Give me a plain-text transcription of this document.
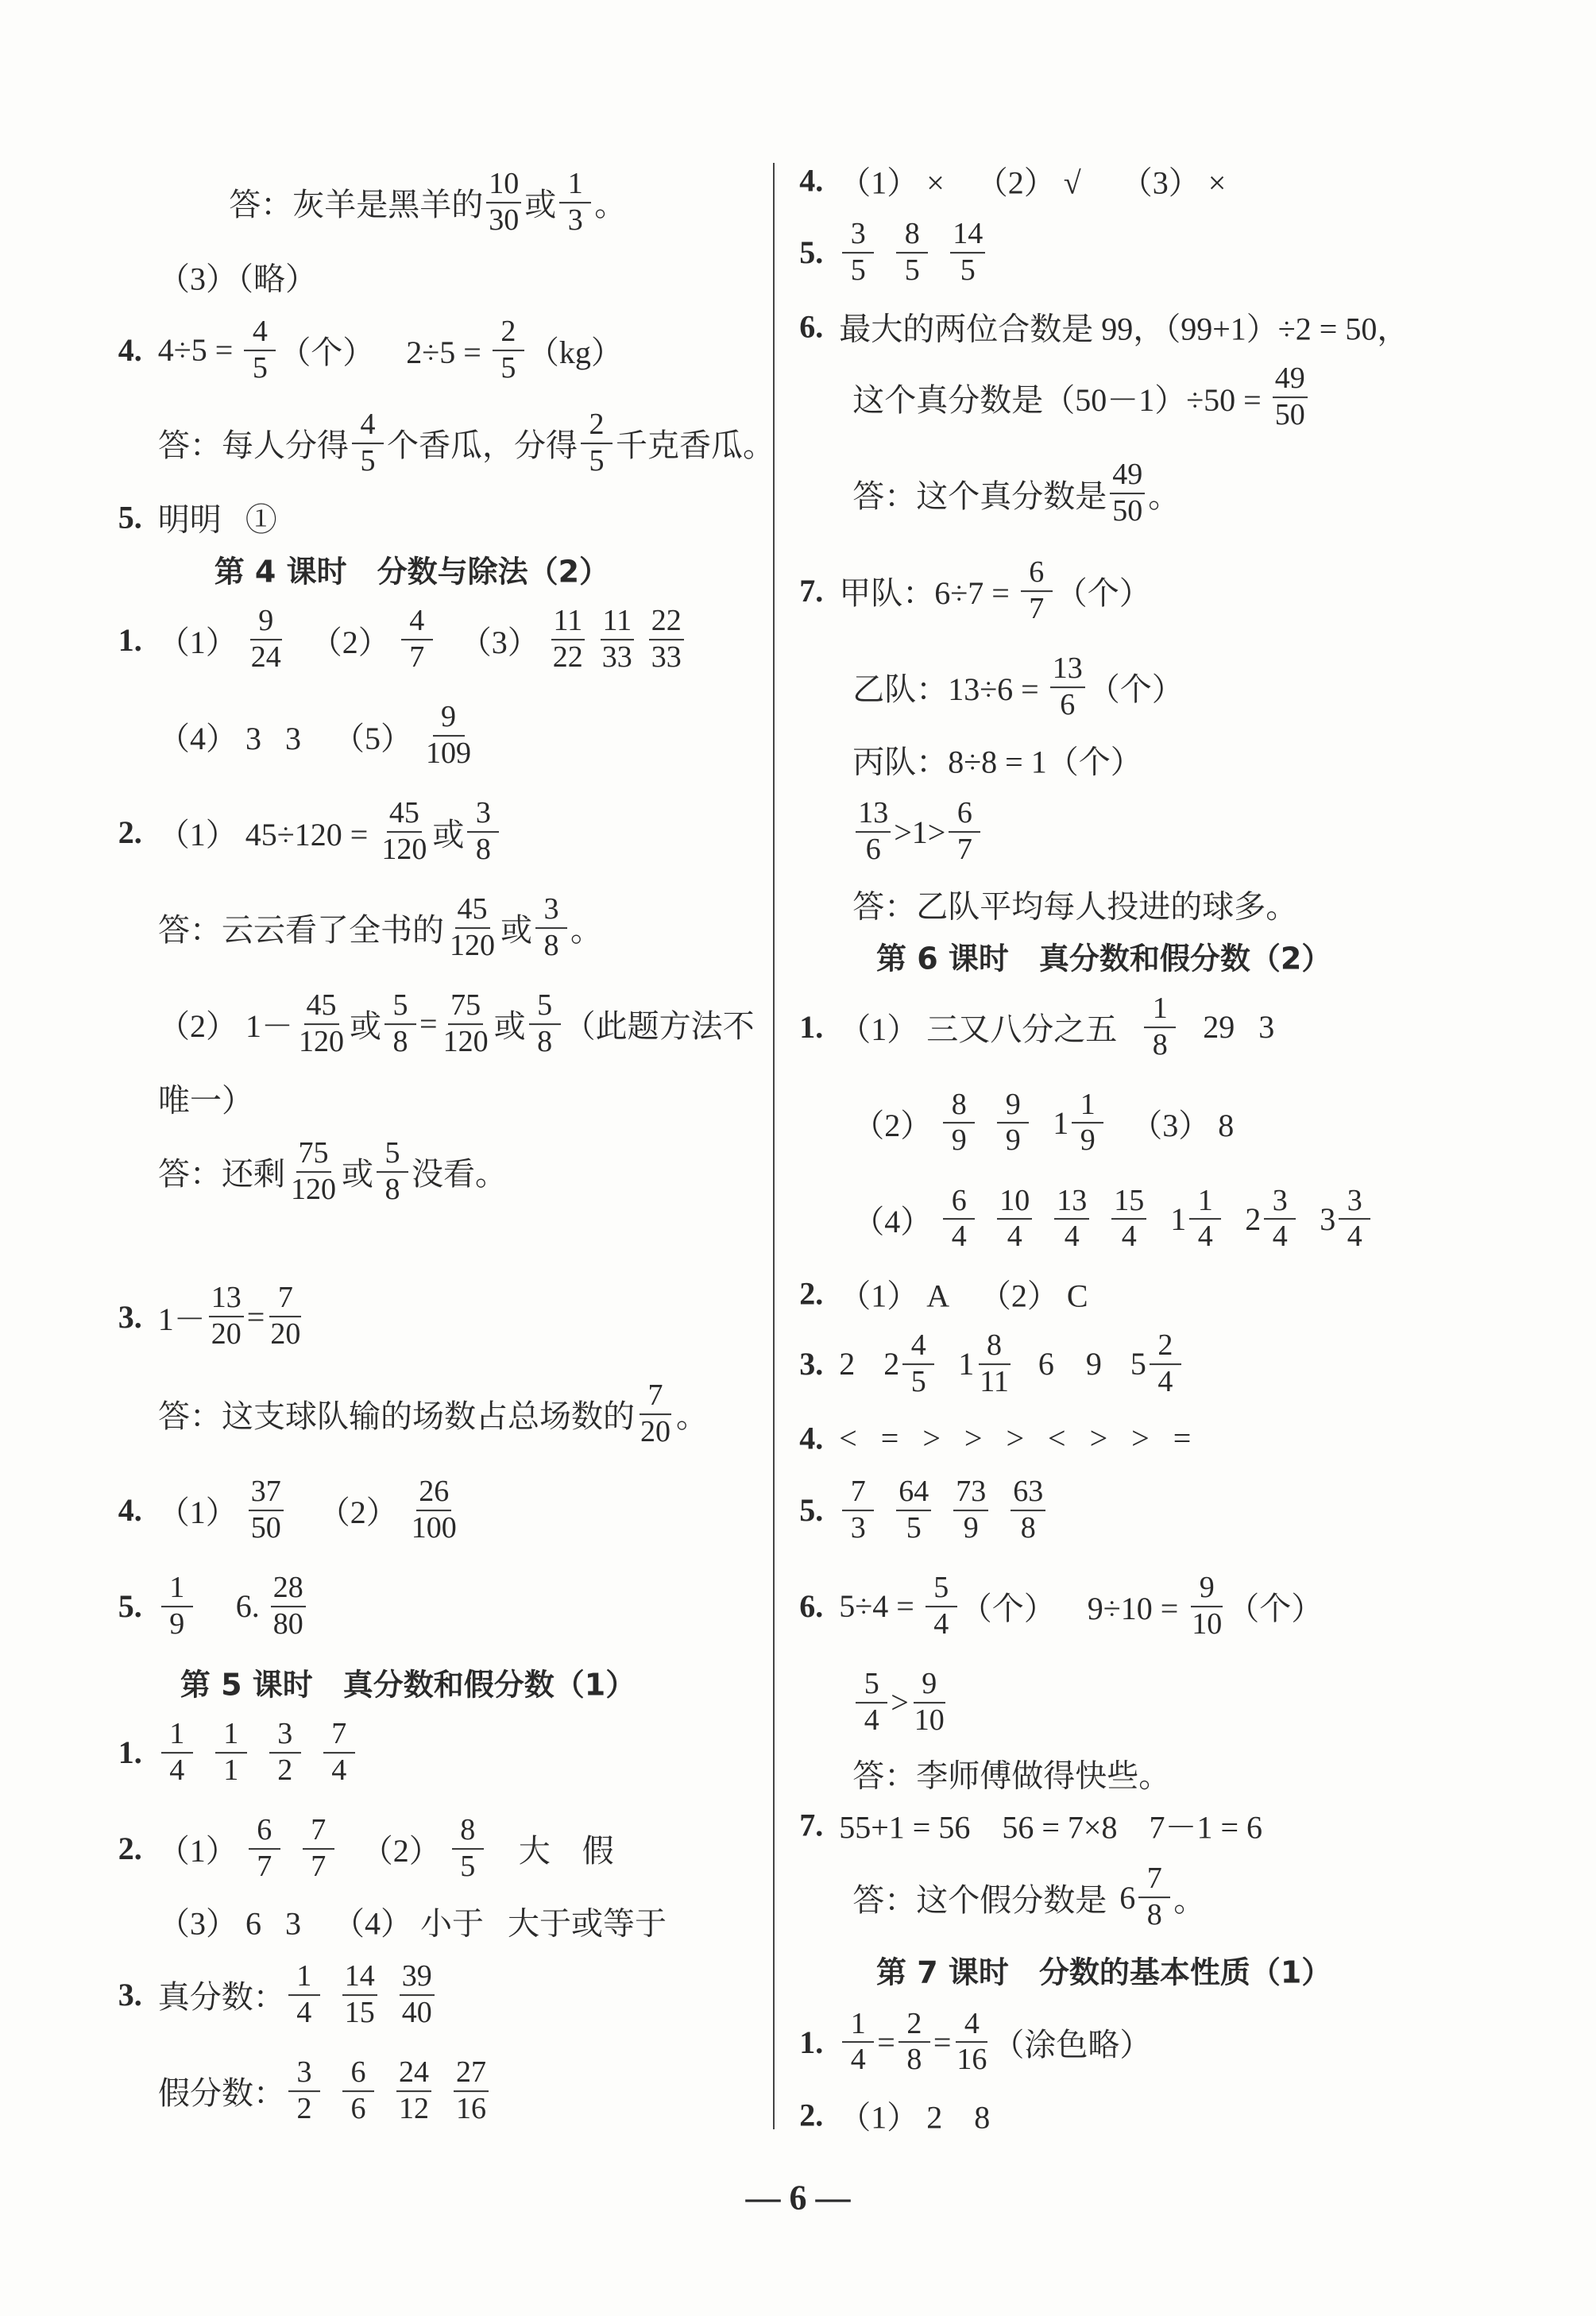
答：灰羊是黑羊的 $\frac{10}{30}$ 或 $\frac{1}{3}$ 。
（3）（略）
4. $4\div 5 = \frac{4}{5}$ （个）    $2\div 5 = \frac{2}{5} (kg)$
答：每人分得 $\frac{4}{5}$ 个香瓜，分得 $\frac{2}{5}$ 千克香瓜。
5. 明明   ①
第 4 课时　分数与除法（2）
1. $(1) \frac{9}{24} (2) \frac{4}{7} (3) \frac{11}{22}$
$\frac{11}{33}$
$\frac{22}{33}$
（4） 3   3    $(5) \frac{9}{109}$
2. （1） $45\div 120 = \frac{45}{120}$ 或 $\frac{3}{8}$
答：云云看了全书的 $\frac{45}{120}$ 或 $\frac{3}{8}$ 。
（2） $1- \frac{45}{120}$ 或 $\frac{5}{8} = \frac{75}{120}$ 或 $\frac{5}{8}$ （此题方法不
唯一）
答：还剩 $\frac{75}{120}$ 或 $\frac{5}{8}$ 没看。
3. $1- \frac{13}{20} = \frac{7}{20}$
答：这支球队输的场数占总场数的 $\frac{7}{20}$ 。
4. $(1) \frac{37}{50} (2) \frac{26}{100}$
5. $\frac{1}{9} 6$. $\frac{28}{80}$
第 5 课时　真分数和假分数（1）
1. $\frac{1}{4}$
$\frac{1}{1}$
$\frac{3}{2}$
$\frac{7}{4}$
2. $(1) \frac{6}{7}$
$\frac{7}{7} (2) \frac{8}{5}$ 大    假
（3） 6   3    （4） 小于   大于或等于
3. 真分数： $\frac{1}{4}$
$\frac{14}{15}$
$\frac{39}{40}$
假分数： $\frac{3}{2}$
$\frac{6}{6}$
$\frac{24}{12}$
$\frac{27}{16}$
4. （1） ×    （2） √     （3） ×
5. $\frac{3}{5}$
$\frac{8}{5}$
$\frac{14}{5}$
6. 最大的两位合数是 99，（99+1）÷2 = 50，
这个真分数是$(50-1)\div 50 = \frac{49}{50}$
答：这个真分数是 $\frac{49}{50}$ 。
7. 甲队：$6\div 7 = \frac{6}{7}$ （个）
乙队：$13\div 6 = \frac{13}{6}$ （个）
丙队：8÷8 = 1（个）
$\frac{13}{6} >1> \frac{6}{7}$
答：乙队平均每人投进的球多。
第 6 课时　真分数和假分数（2）
1. （1） 三又八分之五 $\frac{1}{8} 29$   3
$(2) \frac{8}{9}$
$\frac{9}{9}$
$1 \frac{1}{9} (3)$ 8
$(4) \frac{6}{4}$
$\frac{10}{4}$
$\frac{13}{4}$
$\frac{15}{4}$
$1 \frac{1}{4}$
$2 \frac{3}{4}$
$3 \frac{3}{4}$
2. （1） A    （2） C
3. 2 $2 \frac{4}{5}$
$1 \frac{8}{11} 6$    9 $5 \frac{2}{4}$
4. <   =   >   >   >   <   >   >   =
5. $\frac{7}{3}$
$\frac{64}{5}$
$\frac{73}{9}$
$\frac{63}{8}$
6. $5\div 4 = \frac{5}{4}$ （个）    $9\div 10 = \frac{9}{10}$ （个）
$\frac{5}{4} > \frac{9}{10}$
答：李师傅做得快些。
7. 55+1 = 56    56 = 7×8    7－1 = 6
答：这个假分数是 $6 \frac{7}{8}$ 。
第 7 课时　分数的基本性质（1）
1. $\frac{1}{4} = \frac{2}{8} = \frac{4}{16}$ （涂色略）
2. （1） 2    8
— 6 —
